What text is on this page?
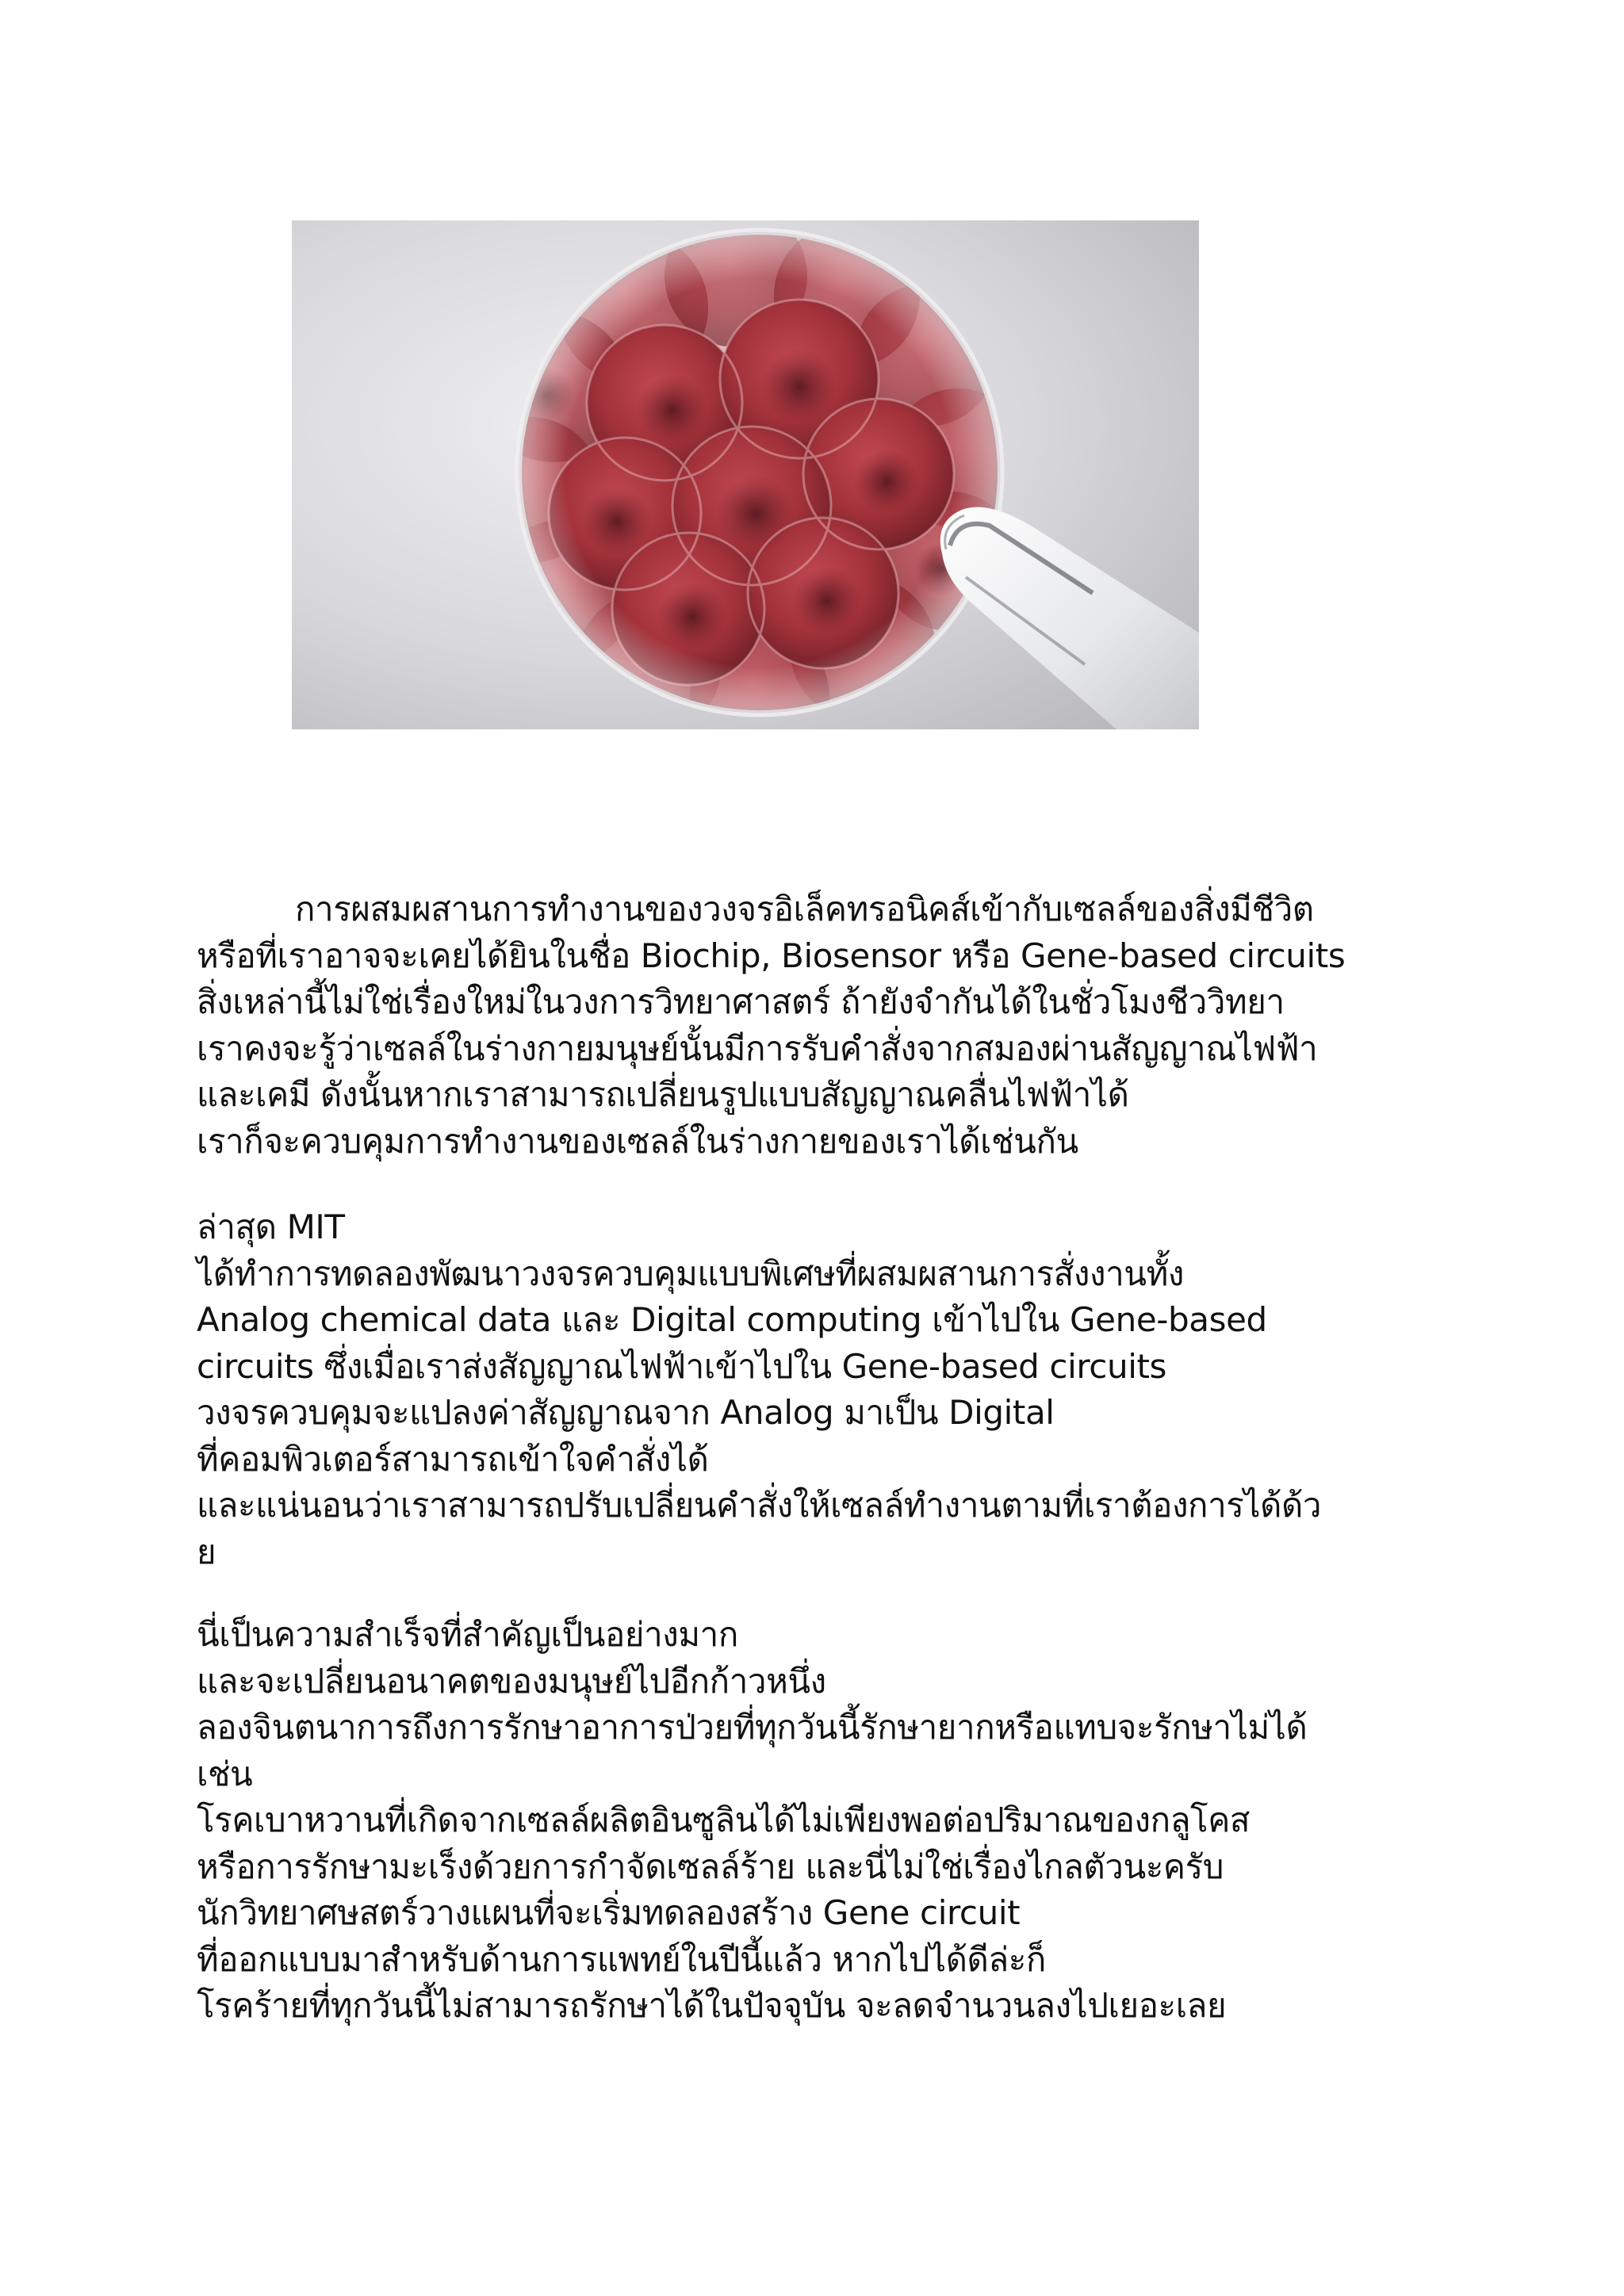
การผสมผสานการทำงานของวงจรอิเล็คทรอนิคส์เข้ากับเซลล์ของสิ่งมีชีวิต
หรือที่เราอาจจะเคยได้ยินในชื่อ Biochip, Biosensor หรือ Gene-based circuits
สิ่งเหล่านี้ไม่ใช่เรื่องใหม่ในวงการวิทยาศาสตร์ ถ้ายังจำกันได้ในชั่วโมงชีววิทยา
เราคงจะรู้ว่าเซลล์ในร่างกายมนุษย์นั้นมีการรับคำสั่งจากสมองผ่านสัญญาณไฟฟ้า
และเคมี ดังนั้นหากเราสามารถเปลี่ยนรูปแบบสัญญาณคลื่นไฟฟ้าได้
เราก็จะควบคุมการทำงานของเซลล์ในร่างกายของเราได้เช่นกัน
ล่าสุด MIT
ได้ทำการทดลองพัฒนาวงจรควบคุมแบบพิเศษที่ผสมผสานการสั่งงานทั้ง
Analog chemical data และ Digital computing เข้าไปใน Gene-based
circuits ซึ่งเมื่อเราส่งสัญญาณไฟฟ้าเข้าไปใน Gene-based circuits
วงจรควบคุมจะแปลงค่าสัญญาณจาก Analog มาเป็น Digital
ที่คอมพิวเตอร์สามารถเข้าใจคำสั่งได้
และแน่นอนว่าเราสามารถปรับเปลี่ยนคำสั่งให้เซลล์ทำงานตามที่เราต้องการได้ด้ว
ย
นี่เป็นความสำเร็จที่สำคัญเป็นอย่างมาก
และจะเปลี่ยนอนาคตของมนุษย์ไปอีกก้าวหนึ่ง
ลองจินตนาการถึงการรักษาอาการป่วยที่ทุกวันนี้รักษายากหรือแทบจะรักษาไม่ได้
เช่น
โรคเบาหวานที่เกิดจากเซลล์ผลิตอินซูลินได้ไม่เพียงพอต่อปริมาณของกลูโคส
หรือการรักษามะเร็งด้วยการกำจัดเซลล์ร้าย และนี่ไม่ใช่เรื่องไกลตัวนะครับ
นักวิทยาศษสตร์วางแผนที่จะเริ่มทดลองสร้าง Gene circuit
ที่ออกแบบมาสำหรับด้านการแพทย์ในปีนี้แล้ว หากไปได้ดีล่ะก็
โรคร้ายที่ทุกวันนี้ไม่สามารถรักษาได้ในปัจจุบัน จะลดจำนวนลงไปเยอะเลย
